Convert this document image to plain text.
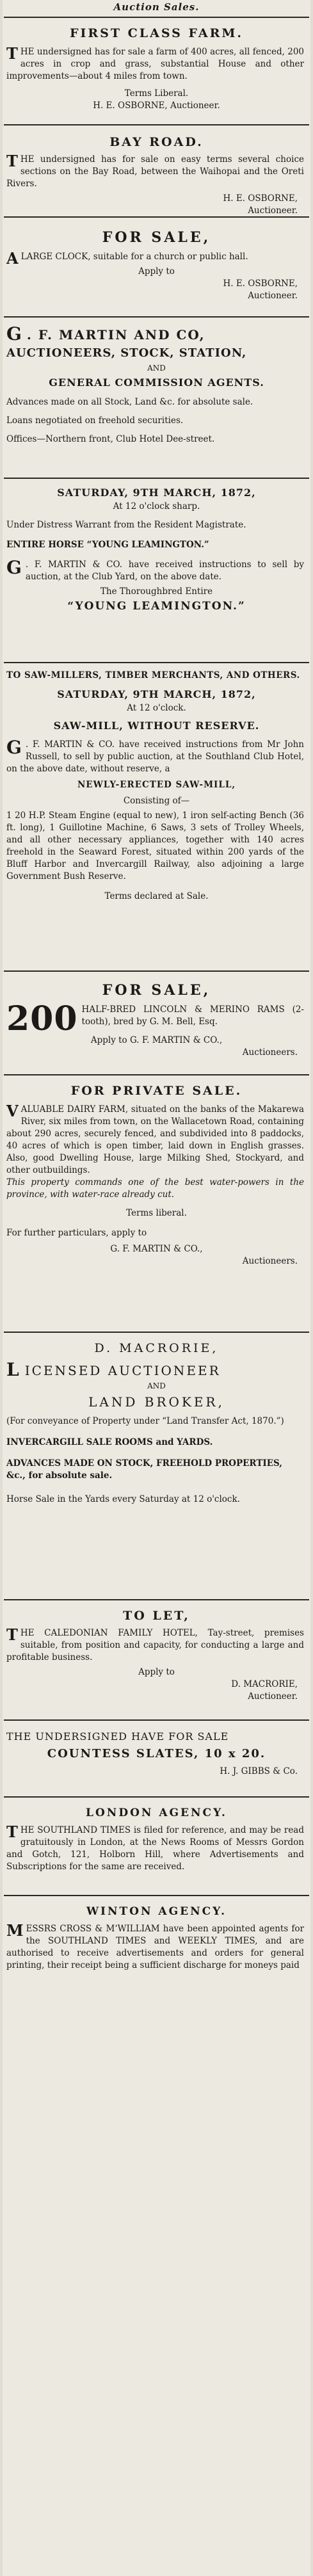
Auction Sales.
FIRST CLASS FARM.
THE undersigned has for sale a farm of 400 acres, all fenced, 200 acres in crop and grass, substantial House and other improvements—about 4 miles from town.
Terms Liberal.
H. E. OSBORNE, Auctioneer.
BAY ROAD.
THE undersigned has for sale on easy terms several choice sections on the Bay Road, between the Waihopai and the Oreti Rivers.
H. E. OSBORNE,
Auctioneer.
FOR SALE,
ALARGE CLOCK, suitable for a church or public hall.
Apply to
H. E. OSBORNE,
Auctioneer.
G . F. MARTIN AND CO,
AUCTIONEERS, STOCK, STATION,
AND
GENERAL COMMISSION AGENTS.
Advances made on all Stock, Land &c. for absolute sale.
Loans negotiated on freehold securities.
Offices—Northern front, Club Hotel Dee-street.
SATURDAY, 9TH MARCH, 1872,
At 12 o'clock sharp.
Under Distress Warrant from the Resident Magistrate.
ENTIRE HORSE “YOUNG LEAMINGTON.”
G . F. MARTIN & CO. have received instructions to sell by auction, at the Club Yard, on the above date.
The Thoroughbred Entire
“YOUNG LEAMINGTON.”
TO SAW-MILLERS, TIMBER MERCHANTS, AND OTHERS.
SATURDAY, 9TH MARCH, 1872,
At 12 o'clock.
SAW-MILL, WITHOUT RESERVE.
G . F. MARTIN & CO. have received instructions from Mr John Russell, to sell by public auction, at the Southland Club Hotel, on the above date, without reserve, a
NEWLY-ERECTED SAW-MILL,
Consisting of—
1 20 H.P. Steam Engine (equal to new), 1 iron self-acting Bench (36 ft. long), 1 Guillotine Machine, 6 Saws, 3 sets of Trolley Wheels, and all other necessary appliances, together with 140 acres freehold in the Seaward Forest, situated within 200 yards of the Bluff Harbor and Invercargill Railway, also adjoining a large Government Bush Reserve.
Terms declared at Sale.
FOR SALE,
200 HALF-BRED LINCOLN & MERINO RAMS (2-tooth), bred by G. M. Bell, Esq.
Apply to G. F. MARTIN & CO.,
Auctioneers.
FOR PRIVATE SALE.
VALUABLE DAIRY FARM, situated on the banks of the Makarewa River, six miles from town, on the Wallacetown Road, containing about 290 acres, securely fenced, and subdivided into 8 paddocks, 40 acres of which is open timber, laid down in English grasses. Also, good Dwelling House, large Milking Shed, Stockyard, and other outbuildings.
This property commands one of the best water-powers in the province, with water-race already cut.
Terms liberal.
For further particulars, apply to
G. F. MARTIN & CO.,
Auctioneers.
D. MACRORIE,
L ICENSED AUCTIONEER
AND
LAND BROKER,
(For conveyance of Property under “Land Transfer Act, 1870.”)
INVERCARGILL SALE ROOMS and YARDS.
ADVANCES MADE ON STOCK, FREEHOLD PROPERTIES, &c., for absolute sale.
Horse Sale in the Yards every Saturday at 12 o'clock.
TO LET,
THE CALEDONIAN FAMILY HOTEL, Tay-street, premises suitable, from position and capacity, for conducting a large and profitable business.
Apply to
D. MACRORIE,
Auctioneer.
THE UNDERSIGNED HAVE FOR SALE
COUNTESS SLATES, 10 x 20.
H. J. GIBBS & Co.
LONDON AGENCY.
THE SOUTHLAND TIMES is filed for reference, and may be read gratuitously in London, at the News Rooms of Messrs Gordon and Gotch, 121, Holborn Hill, where Advertisements and Subscriptions for the same are received.
WINTON AGENCY.
MESSRS CROSS & M‘WILLIAM have been appointed agents for the SOUTHLAND TIMES and WEEKLY TIMES, and are authorised to receive advertisements and orders for general printing, their receipt being a sufficient discharge for moneys paid
